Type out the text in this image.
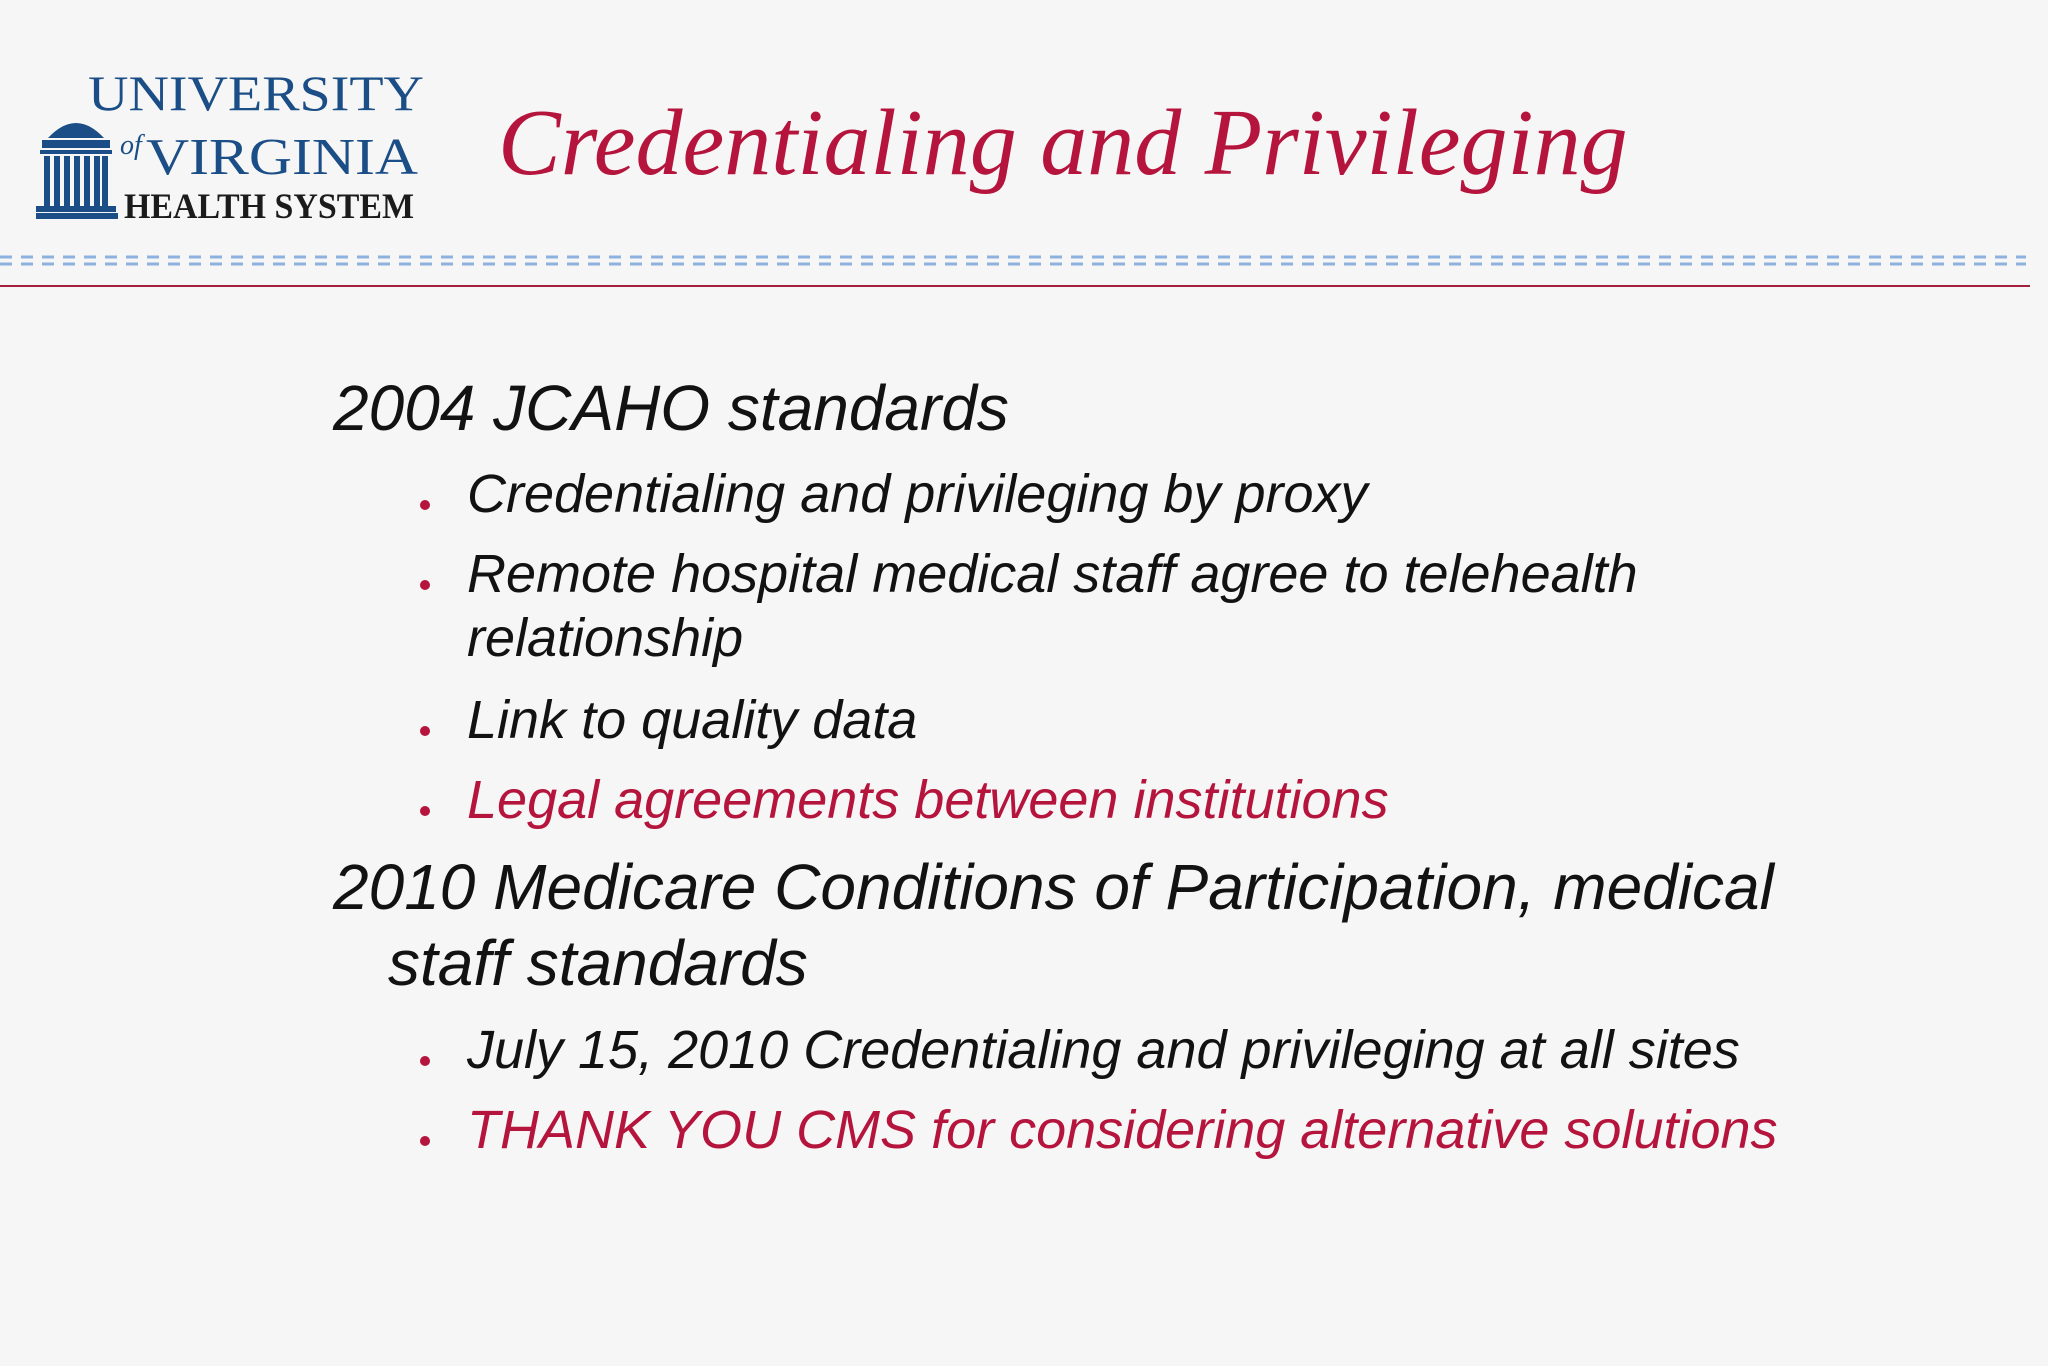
UNIVERSITY
of VIRGINIA
HEALTH SYSTEM
Credentialing and Privileging
2004 JCAHO standards
Credentialing and privileging by proxy
Remote hospital medical staff agree to telehealth
relationship
Link to quality data
Legal agreements between institutions
2010 Medicare Conditions of Participation, medical
staff standards
July 15, 2010 Credentialing and privileging at all sites
THANK YOU CMS for considering alternative solutions
